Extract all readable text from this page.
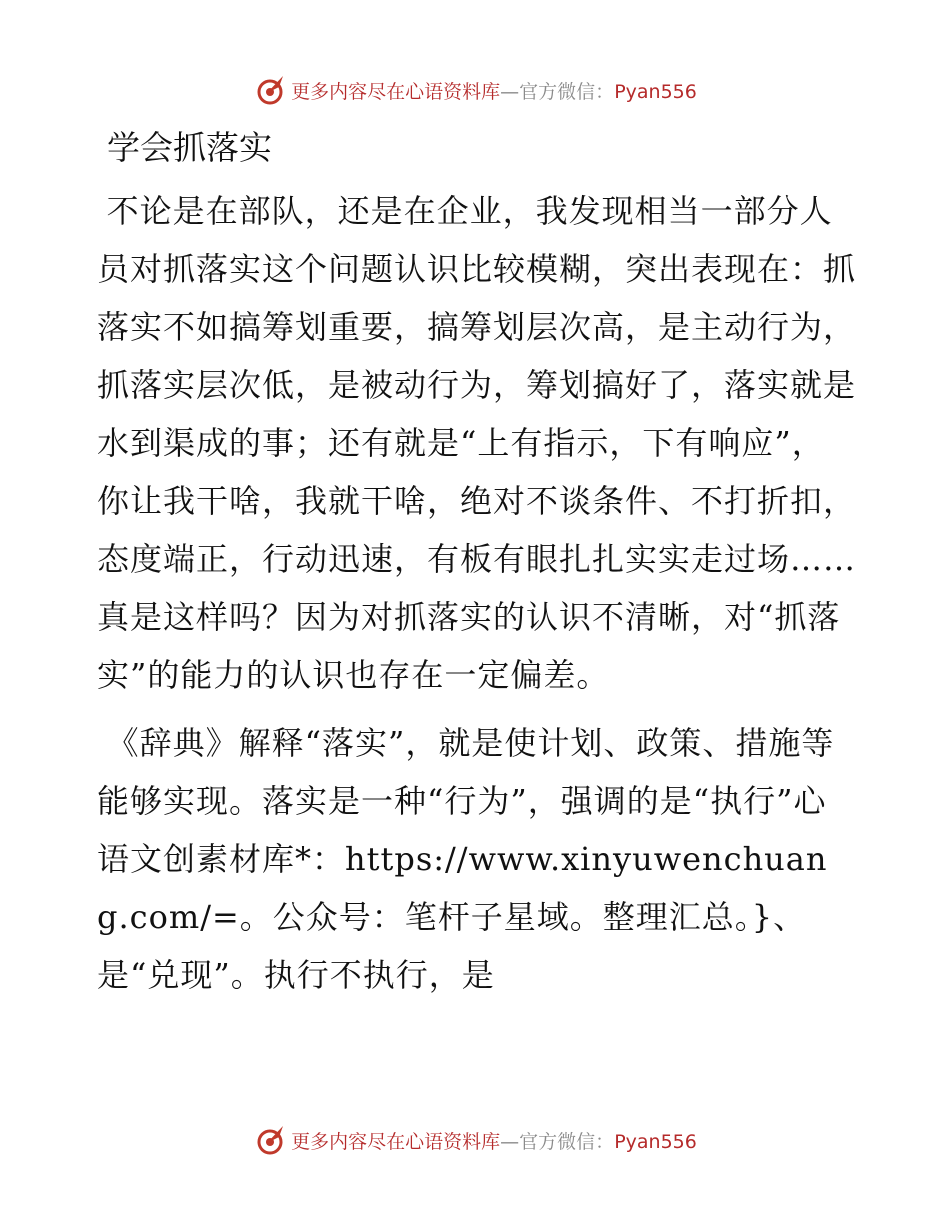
更多内容尽在心语资料库—官方微信：Pyan556
学会抓落实

不论是在部队，还是在企业，我发现相当一部分人员对抓落实这个问题认识比较模糊，突出表现在：抓落实不如搞筹划重要，搞筹划层次高，是主动行为，抓落实层次低，是被动行为，筹划搞好了，落实就是水到渠成的事；还有就是“上有指示，下有响应”，你让我干啥，我就干啥，绝对不谈条件、不打折扣，态度端正，行动迅速，有板有眼扎扎实实走过场……真是这样吗？因为对抓落实的认识不清晰，对“抓落实”的能力的认识也存在一定偏差。

《辞典》解释“落实”，就是使计划、政策、措施等能够实现。落实是一种“行为”，强调的是“执行”心语文创素材库*：https://www.xinyuwenchuang.com/=。公众号：笔杆子星域。整理汇总。}、是“兑现”。执行不执行，是

更多内容尽在心语资料库—官方微信：Pyan556
